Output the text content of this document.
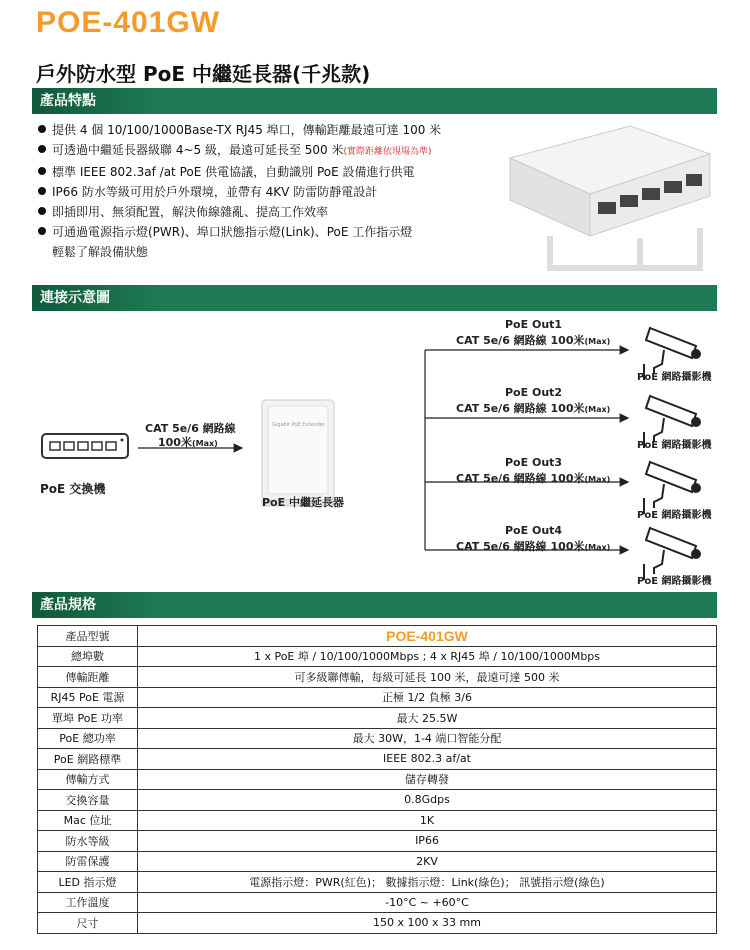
POE-401GW
戶外防水型 PoE 中繼延長器(千兆款)
產品特點
提供 4 個 10/100/1000Base-TX RJ45 埠口，傳輸距離最遠可達 100 米
可透過中繼延長器級聯 4~5 級，最遠可延長至 500 米(實際距離依現場為準)
標準 IEEE 802.3af /at PoE 供電協議，自動識別 PoE 設備進行供電
IP66 防水等級可用於戶外環境，並帶有 4KV 防雷防靜電設計
即插即用、無須配置，解決佈線雜亂、提高工作效率
可通過電源指示燈(PWR)、埠口狀態指示燈(Link)、PoE 工作指示燈
輕鬆了解設備狀態
連接示意圖
PoE 交換機
CAT 5e/6 網路線
100米(Max)
Gigabit PoE Extender
PoE 中繼延長器
PoE Out1
CAT 5e/6 網路線 100米(Max)
PoE 網路攝影機
PoE Out2
CAT 5e/6 網路線 100米(Max)
PoE 網路攝影機
PoE Out3
CAT 5e/6 網路線 100米(Max)
PoE 網路攝影機
PoE Out4
CAT 5e/6 網路線 100米(Max)
PoE 網路攝影機
產品規格
產品型號	POE-401GW
總埠數	1 x PoE 埠 / 10/100/1000Mbps ; 4 x RJ45 埠 / 10/100/1000Mbps
傳輸距離	可多級聯傳輸，每級可延長 100 米，最遠可達 500 米
RJ45 PoE 電源	正極 1/2 負極 3/6
單埠 PoE 功率	最大 25.5W
PoE 總功率	最大 30W，1-4 端口智能分配
PoE 網路標準	IEEE 802.3 af/at
傳輸方式	儲存轉發
交換容量	0.8Gdps
Mac 位址	1K
防水等級	IP66
防雷保護	2KV
LED 指示燈	電源指示燈：PWR(紅色)； 數據指示燈：Link(綠色)； 訊號指示燈(綠色)
工作溫度	-10°C ~ +60°C
尺寸	150 x 100 x 33 mm
